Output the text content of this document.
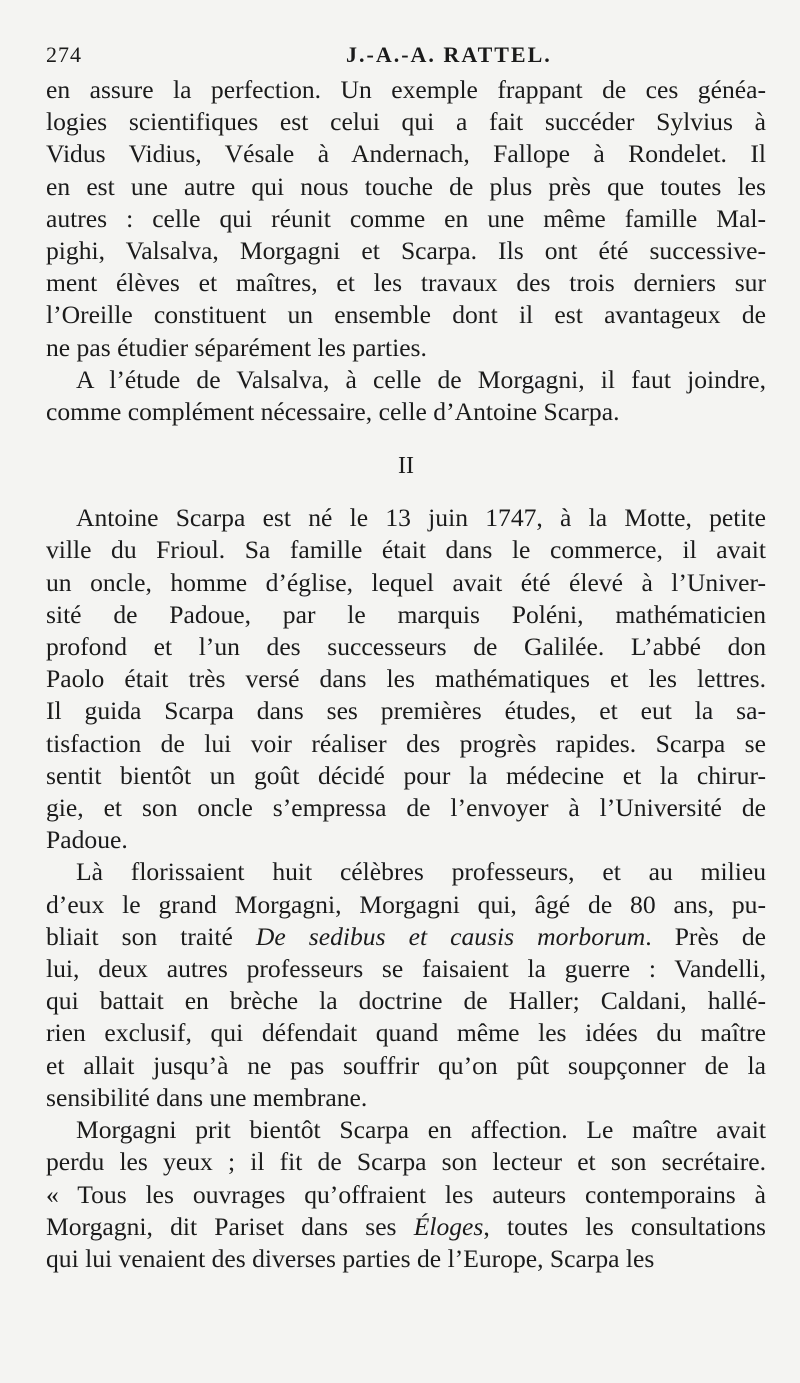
274	J.-A.-A. RATTEL.
en assure la perfection. Un exemple frappant de ces généa-
logies scientifiques est celui qui a fait succéder Sylvius à
Vidus Vidius, Vésale à Andernach, Fallope à Rondelet. Il
en est une autre qui nous touche de plus près que toutes les
autres : celle qui réunit comme en une même famille Mal-
pighi, Valsalva, Morgagni et Scarpa. Ils ont été successive-
ment élèves et maîtres, et les travaux des trois derniers sur
l’Oreille constituent un ensemble dont il est avantageux de
ne pas étudier séparément les parties.
A l’étude de Valsalva, à celle de Morgagni, il faut joindre,
comme complément nécessaire, celle d’Antoine Scarpa.
II
Antoine Scarpa est né le 13 juin 1747, à la Motte, petite
ville du Frioul. Sa famille était dans le commerce, il avait
un oncle, homme d’église, lequel avait été élevé à l’Univer-
sité de Padoue, par le marquis Poléni, mathématicien
profond et l’un des successeurs de Galilée. L’abbé don
Paolo était très versé dans les mathématiques et les lettres.
Il guida Scarpa dans ses premières études, et eut la sa-
tisfaction de lui voir réaliser des progrès rapides. Scarpa se
sentit bientôt un goût décidé pour la médecine et la chirur-
gie, et son oncle s’empressa de l’envoyer à l’Université de
Padoue.
Là florissaient huit célèbres professeurs, et au milieu
d’eux le grand Morgagni, Morgagni qui, âgé de 80 ans, pu-
bliait son traité De sedibus et causis morborum. Près de
lui, deux autres professeurs se faisaient la guerre : Vandelli,
qui battait en brèche la doctrine de Haller; Caldani, hallé-
rien exclusif, qui défendait quand même les idées du maître
et allait jusqu’à ne pas souffrir qu’on pût soupçonner de la
sensibilité dans une membrane.
Morgagni prit bientôt Scarpa en affection. Le maître avait
perdu les yeux ; il fit de Scarpa son lecteur et son secrétaire.
« Tous les ouvrages qu’offraient les auteurs contemporains à
Morgagni, dit Pariset dans ses Éloges, toutes les consultations
qui lui venaient des diverses parties de l’Europe, Scarpa les
